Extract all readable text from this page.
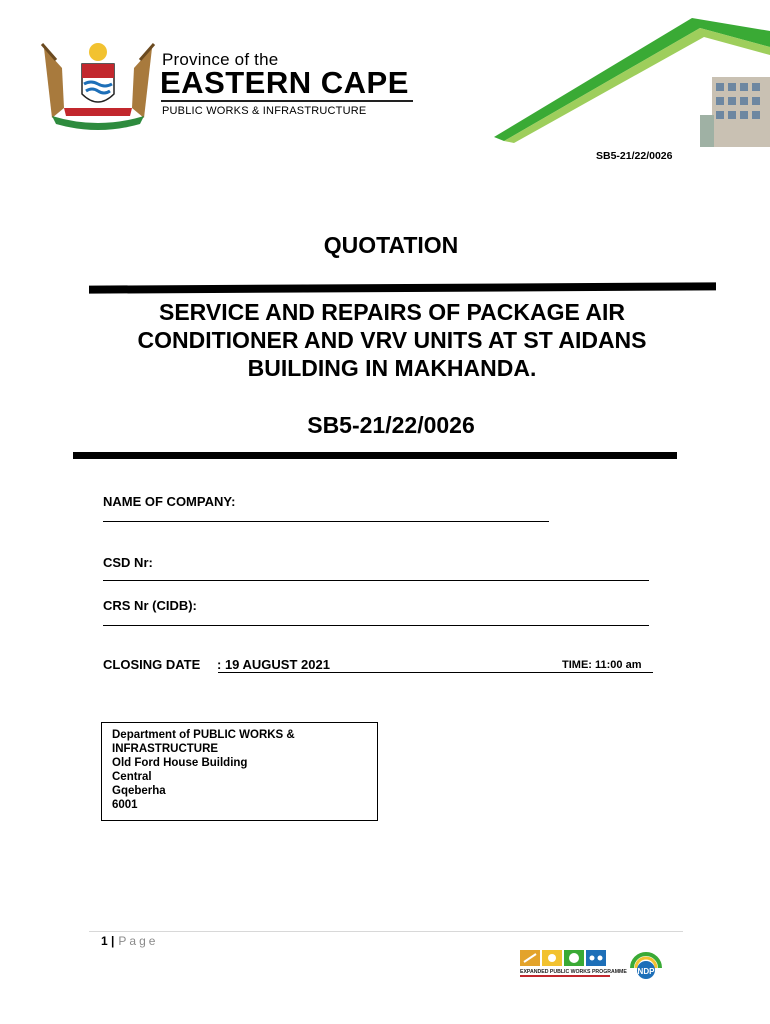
Province of the
EASTERN CAPE
PUBLIC WORKS & INFRASTRUCTURE
SB5-21/22/0026
QUOTATION
SERVICE AND REPAIRS OF PACKAGE AIR
CONDITIONER AND VRV UNITS AT ST AIDANS
BUILDING IN MAKHANDA.
SB5-21/22/0026
NAME OF COMPANY:
CSD Nr:
CRS Nr (CIDB):
CLOSING DATE : 19 AUGUST 2021	TIME: 11:00 am
Department of PUBLIC WORKS &
INFRASTRUCTURE
Old Ford House Building
Central
Gqeberha
6001
1 | Page
EXPANDED PUBLIC WORKS PROGRAMME NDP
